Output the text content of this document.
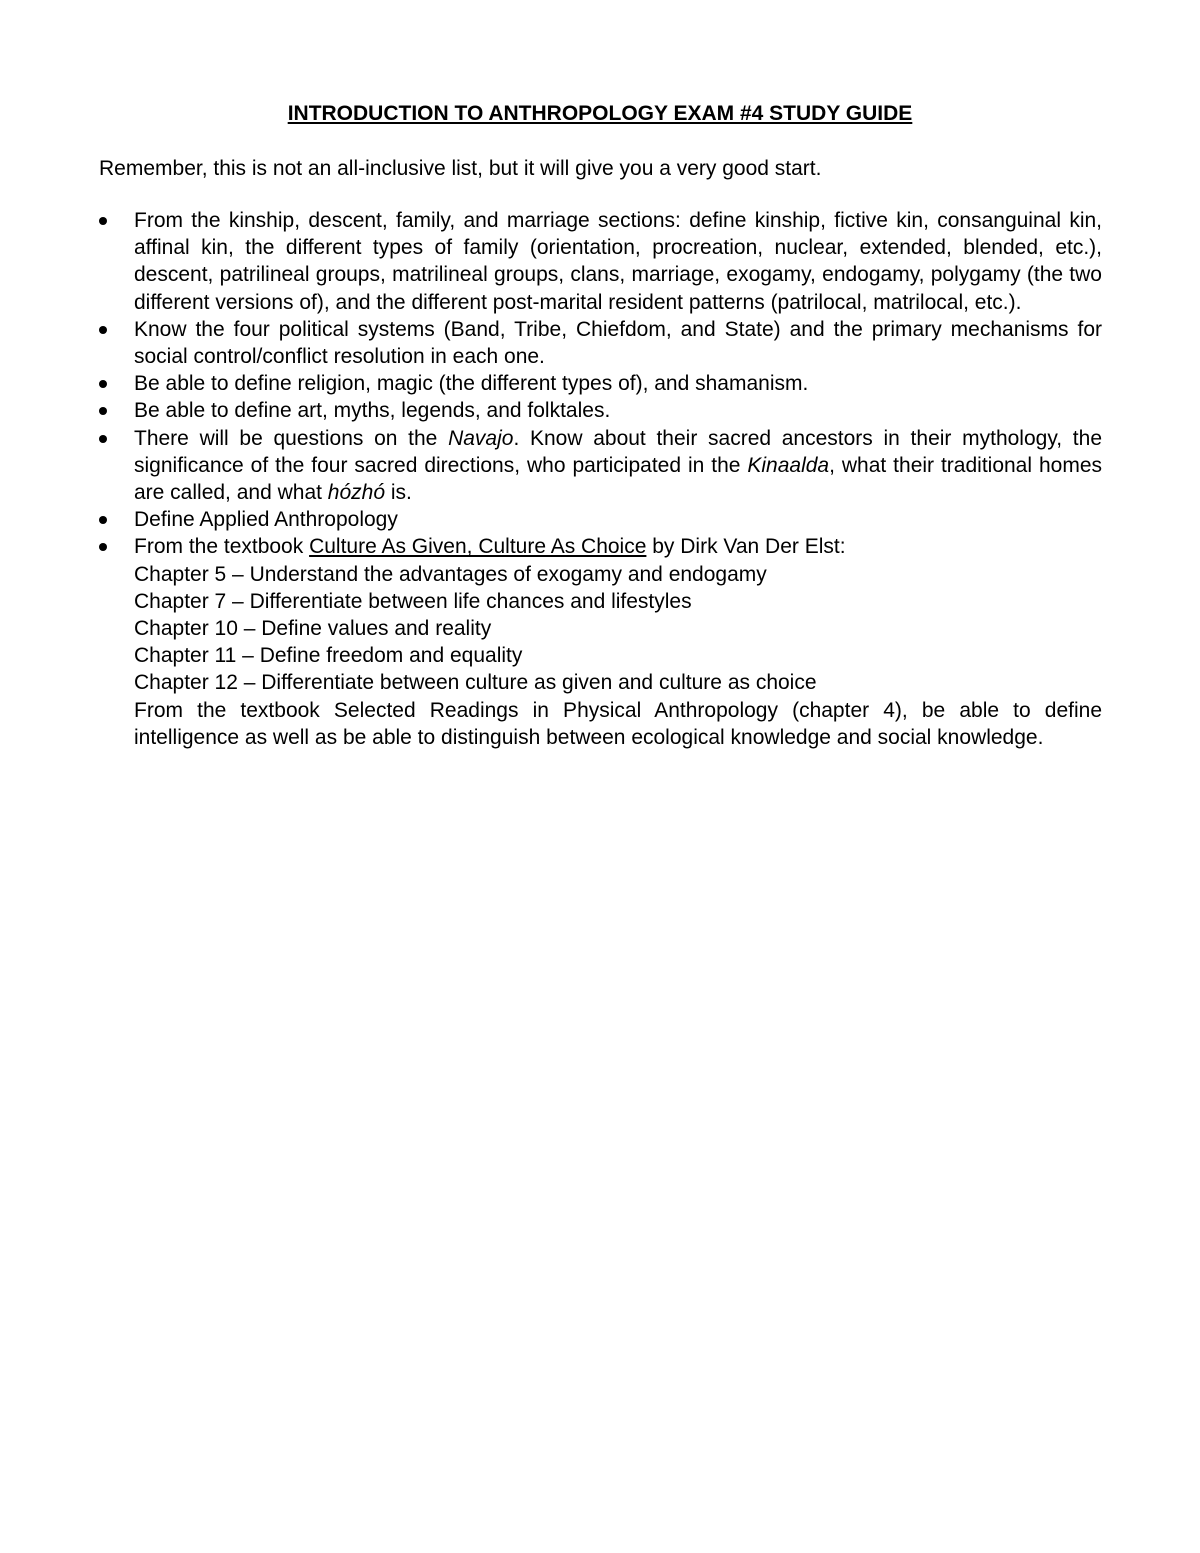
INTRODUCTION TO ANTHROPOLOGY EXAM #4 STUDY GUIDE

Remember, this is not an all-inclusive list, but it will give you a very good start.

From the kinship, descent, family, and marriage sections: define kinship, fictive kin, consanguinal kin, affinal kin, the different types of family (orientation, procreation, nuclear, extended, blended, etc.), descent, patrilineal groups, matrilineal groups, clans, marriage, exogamy, endogamy, polygamy (the two different versions of), and the different post-marital resident patterns (patrilocal, matrilocal, etc.).
Know the four political systems (Band, Tribe, Chiefdom, and State) and the primary mechanisms for social control/conflict resolution in each one.
Be able to define religion, magic (the different types of), and shamanism.
Be able to define art, myths, legends, and folktales.
There will be questions on the Navajo. Know about their sacred ancestors in their mythology, the significance of the four sacred directions, who participated in the Kinaalda, what their traditional homes are called, and what hózhó is.
Define Applied Anthropology
From the textbook Culture As Given, Culture As Choice by Dirk Van Der Elst:
Chapter 5 – Understand the advantages of exogamy and endogamy
Chapter 7 – Differentiate between life chances and lifestyles
Chapter 10 – Define values and reality
Chapter 11 – Define freedom and equality
Chapter 12 – Differentiate between culture as given and culture as choice
From the textbook Selected Readings in Physical Anthropology (chapter 4), be able to define intelligence as well as be able to distinguish between ecological knowledge and social knowledge.
